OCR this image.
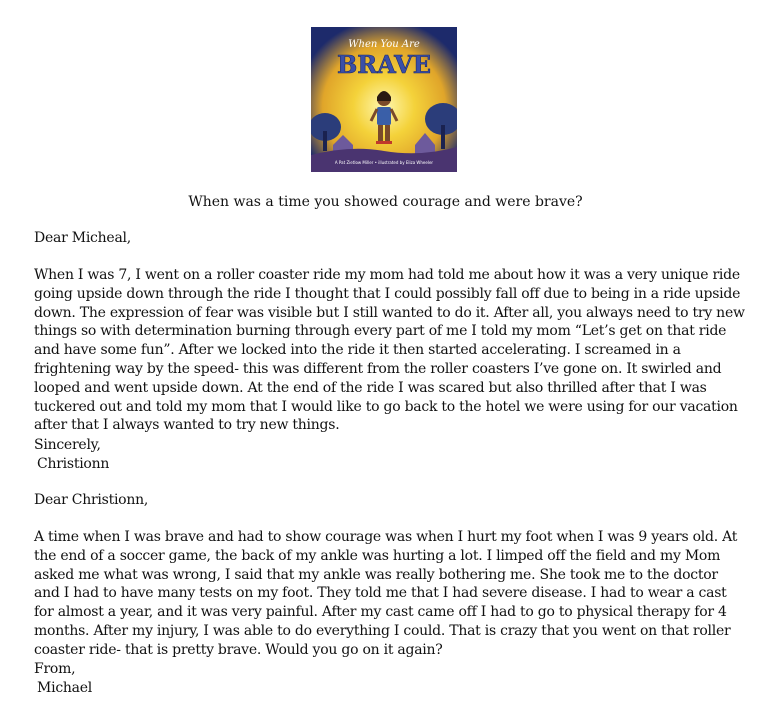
When You Are
BRAVE
A Pat Zietlow Miller • illustrated by Eliza Wheeler

When was a time you showed courage and were brave?

Dear Micheal,

When I was 7, I went on a roller coaster ride my mom had told me about how it was a very unique ride going upside down through the ride I thought that I could possibly fall off due to being in a ride upside down. The expression of fear was visible but I still wanted to do it. After all, you always need to try new things so with determination burning through every part of me I told my mom “Let’s get on that ride and have some fun”. After we locked into the ride it then started accelerating. I screamed in a frightening way by the speed- this was different from the roller coasters I’ve gone on. It swirled and looped and went upside down. At the end of the ride I was scared but also thrilled after that I was tuckered out and told my mom that I would like to go back to the hotel we were using for our vacation after that I always wanted to try new things.

Sincerely,
Christionn

Dear Christionn,

A time when I was brave and had to show courage was when I hurt my foot when I was 9 years old. At the end of a soccer game, the back of my ankle was hurting a lot. I limped off the field and my Mom asked me what was wrong, I said that my ankle was really bothering me. She took me to the doctor and I had to have many tests on my foot. They told me that I had severe disease. I had to wear a cast for almost a year, and it was very painful. After my cast came off I had to go to physical therapy for 4 months. After my injury, I was able to do everything I could. That is crazy that you went on that roller coaster ride- that is pretty brave. Would you go on it again?

From,
Michael
